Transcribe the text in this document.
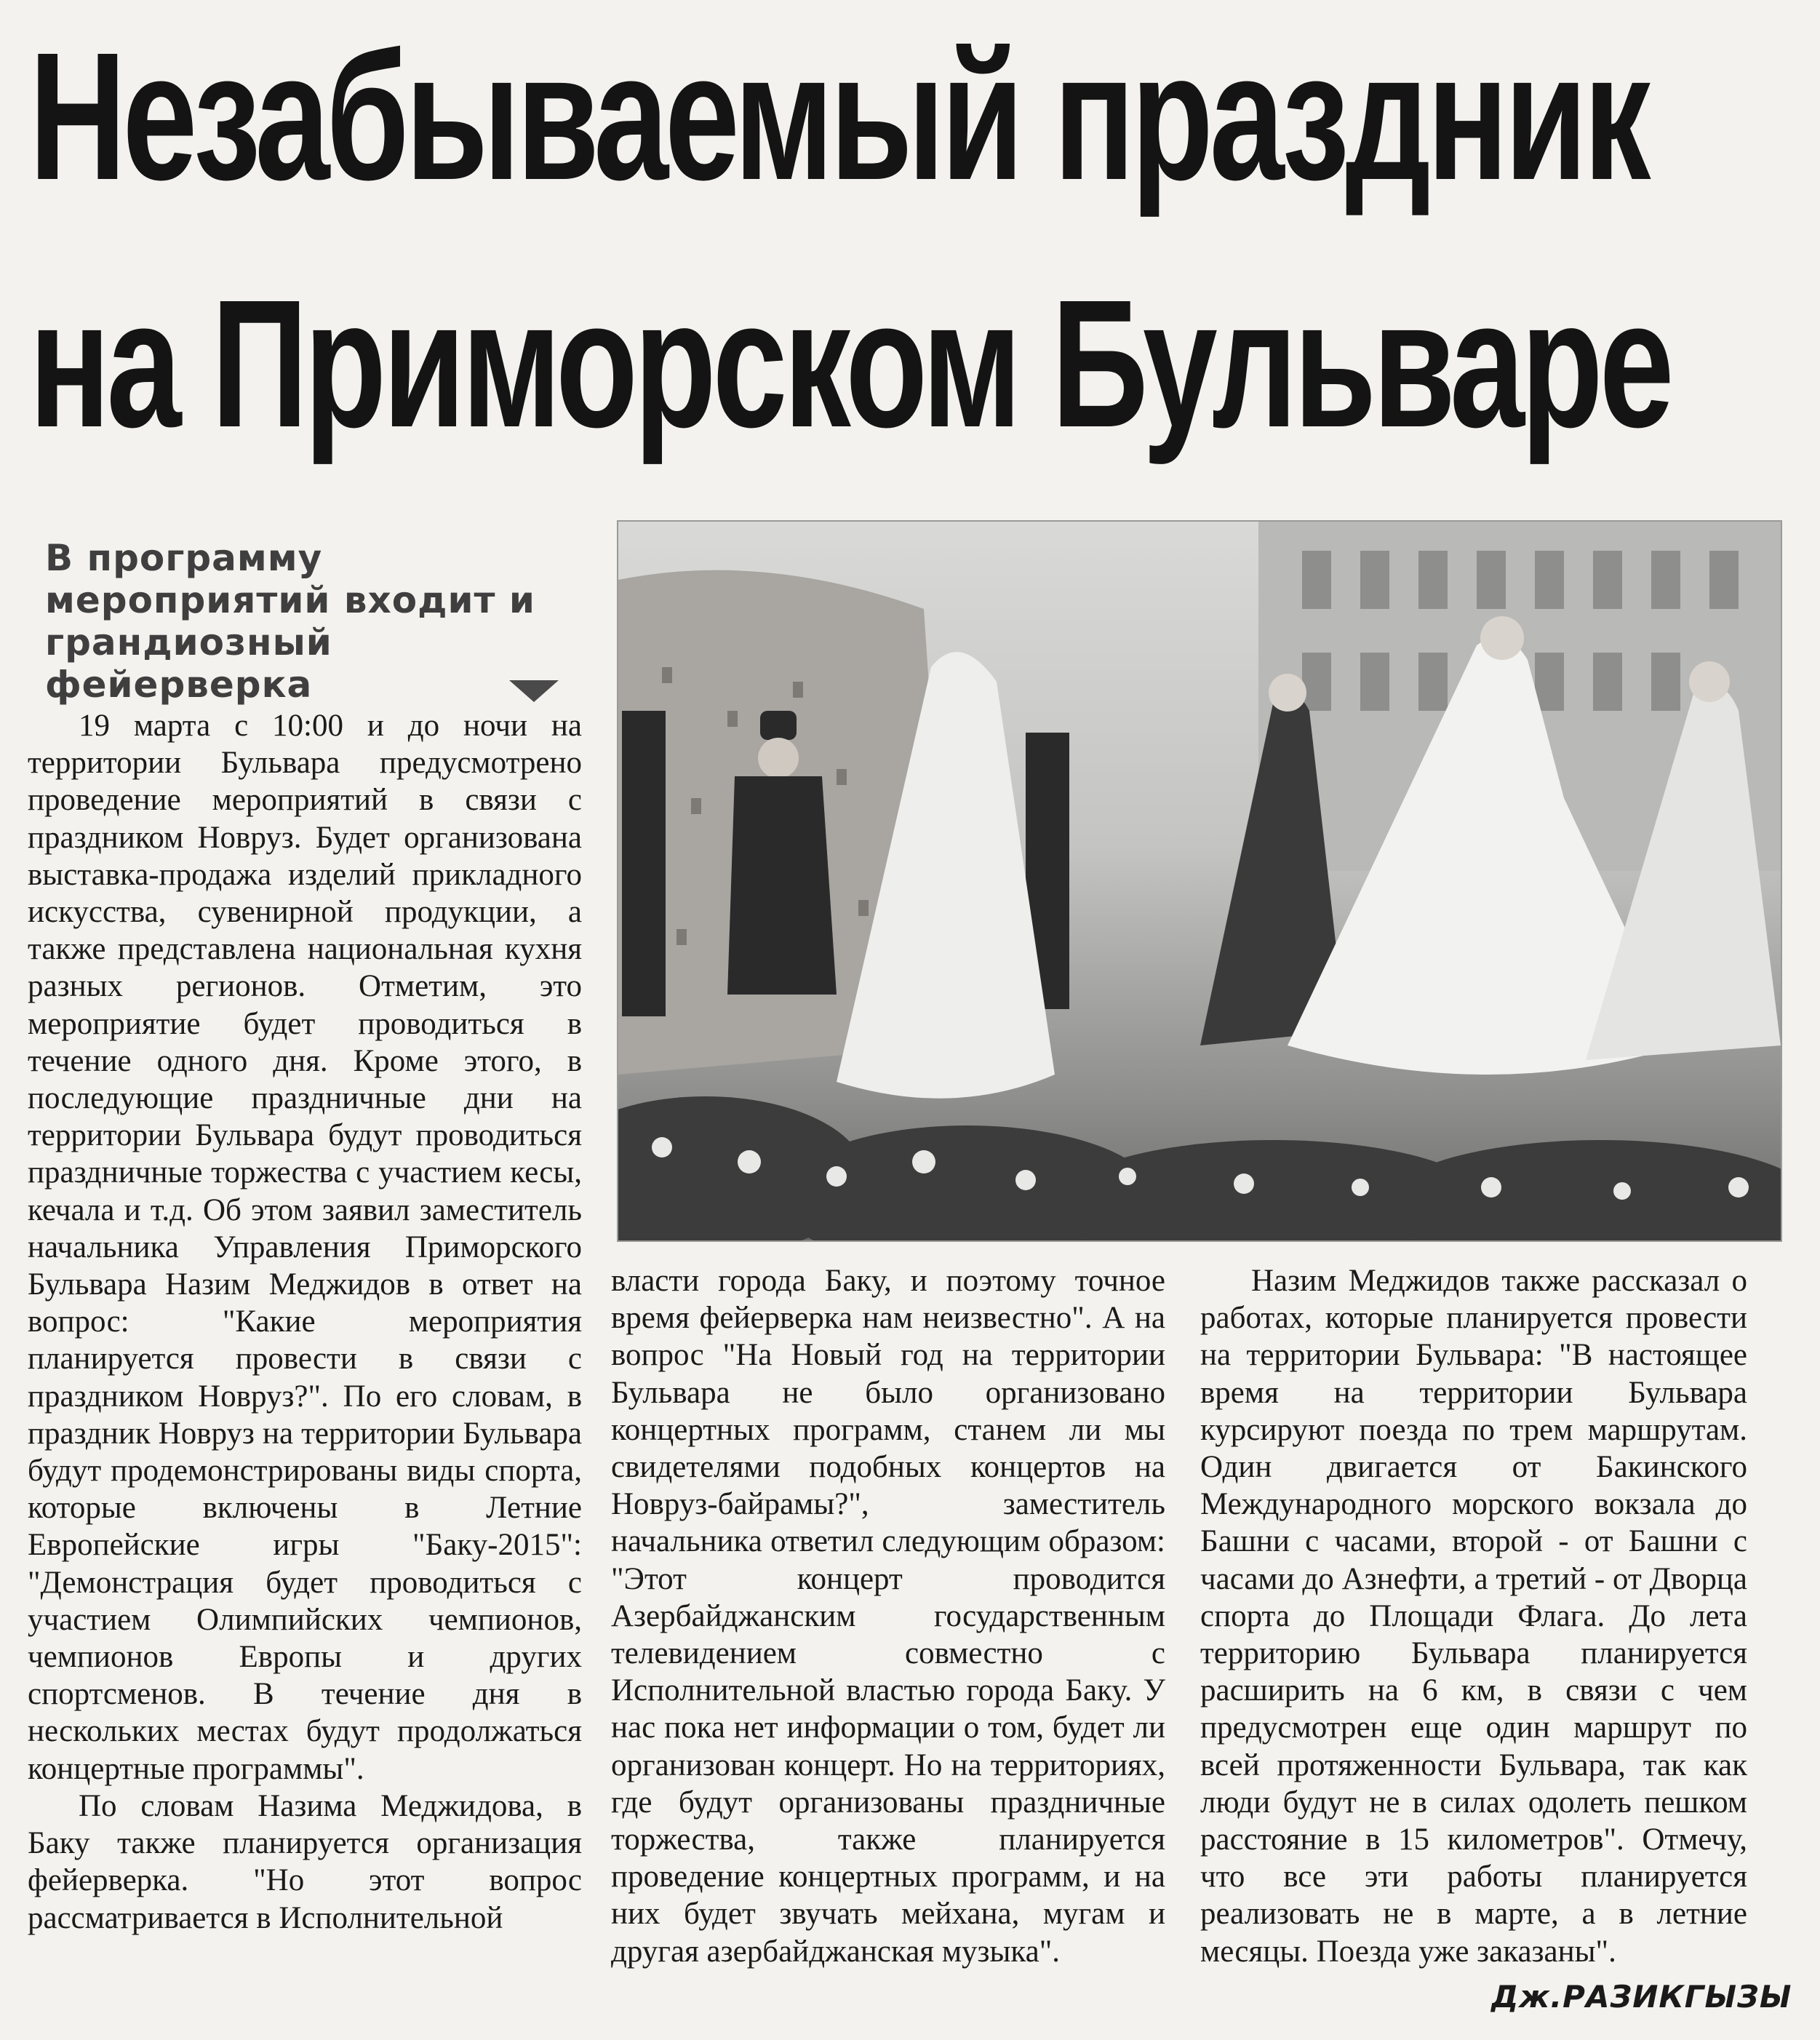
Незабываемый праздник
на Приморском Бульваре
В программу мероприятий входит и грандиозный фейерверка

19 марта с 10:00 и до ночи на территории Бульвара предусмотрено проведение мероприятий в связи с праздником Новруз. Будет организована выставка-продажа изделий прикладного искусства, сувенирной продукции, а также представлена национальная кухня разных регионов. Отметим, это мероприятие будет проводиться в течение одного дня. Кроме этого, в последующие праздничные дни на территории Бульвара будут проводиться праздничные торжества с участием кесы, кечала и т.д. Об этом заявил заместитель начальника Управления Приморского Бульвара Назим Меджидов в ответ на вопрос: "Какие мероприятия планируется провести в связи с праздником Новруз?". По его словам, в праздник Новруз на территории Бульвара будут продемонстрированы виды спорта, которые включены в Летние Европейские игры "Баку-2015": "Демонстрация будет проводиться с участием Олимпийских чемпионов, чемпионов Европы и других спортсменов. В течение дня в нескольких местах будут продолжаться концертные программы".

По словам Назима Меджидова, в Баку также планируется организация фейерверка. "Но этот вопрос рассматривается в Исполнительной

власти города Баку, и поэтому точное время фейерверка нам неизвестно". А на вопрос "На Новый год на территории Бульвара не было организовано концертных программ, станем ли мы свидетелями подобных концертов на Новруз-байрамы?", заместитель начальника ответил следующим образом: "Этот концерт проводится Азербайджанским государственным телевидением совместно с Исполнительной властью города Баку. У нас пока нет информации о том, будет ли организован концерт. Но на территориях, где будут организованы праздничные торжества, также планируется проведение концертных программ, и на них будет звучать мейхана, мугам и другая азербайджанская музыка".

Назим Меджидов также рассказал о работах, которые планируется провести на территории Бульвара: "В настоящее время на территории Бульвара курсируют поезда по трем маршрутам. Один двигается от Бакинского Международного морского вокзала до Башни с часами, второй - от Башни с часами до Азнефти, а третий - от Дворца спорта до Площади Флага. До лета территорию Бульвара планируется расширить на 6 км, в связи с чем предусмотрен еще один маршрут по всей протяженности Бульвара, так как люди будут не в силах одолеть пешком расстояние в 15 километров". Отмечу, что все эти работы планируется реализовать не в марте, а в летние месяцы. Поезда уже заказаны".

Дж.РАЗИКГЫЗЫ
